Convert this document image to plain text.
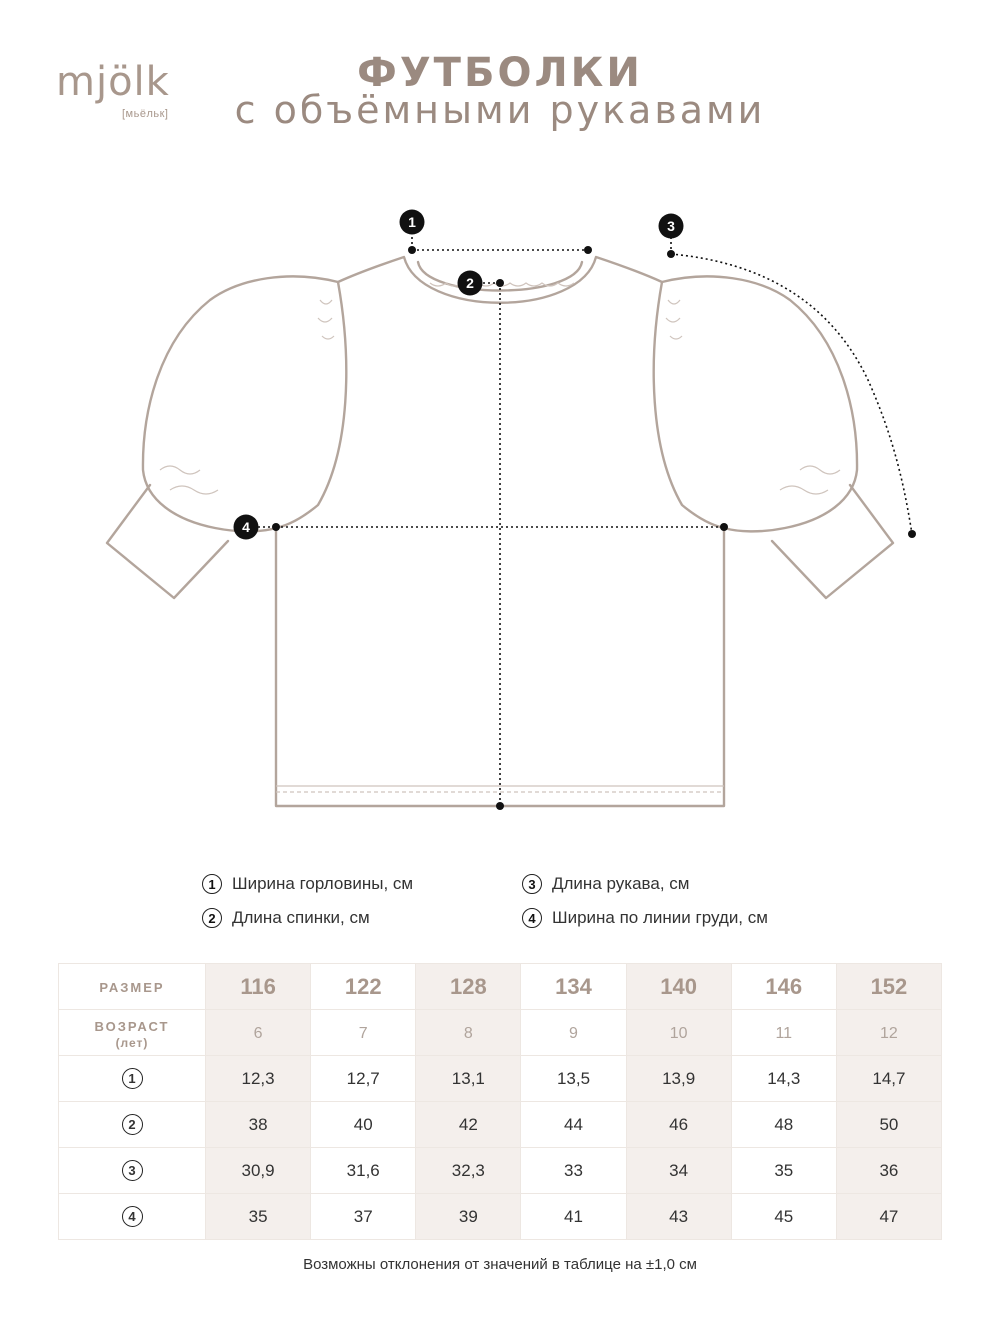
mjölk
[мьёльк]
ФУТБОЛКИ
с объёмными рукавами
1
2
3
4
1 Ширина горловины, см	3 Длина рукава, см
2 Длина спинки, см	4 Ширина по линии груди, см
РАЗМЕР	116	122	128	134	140	146	152
ВОЗРАСТ
(лет)	6	7	8	9	10	11	12
1	12,3	12,7	13,1	13,5	13,9	14,3	14,7
2	38	40	42	44	46	48	50
3	30,9	31,6	32,3	33	34	35	36
4	35	37	39	41	43	45	47
Возможны отклонения от значений в таблице на ±1,0 см
